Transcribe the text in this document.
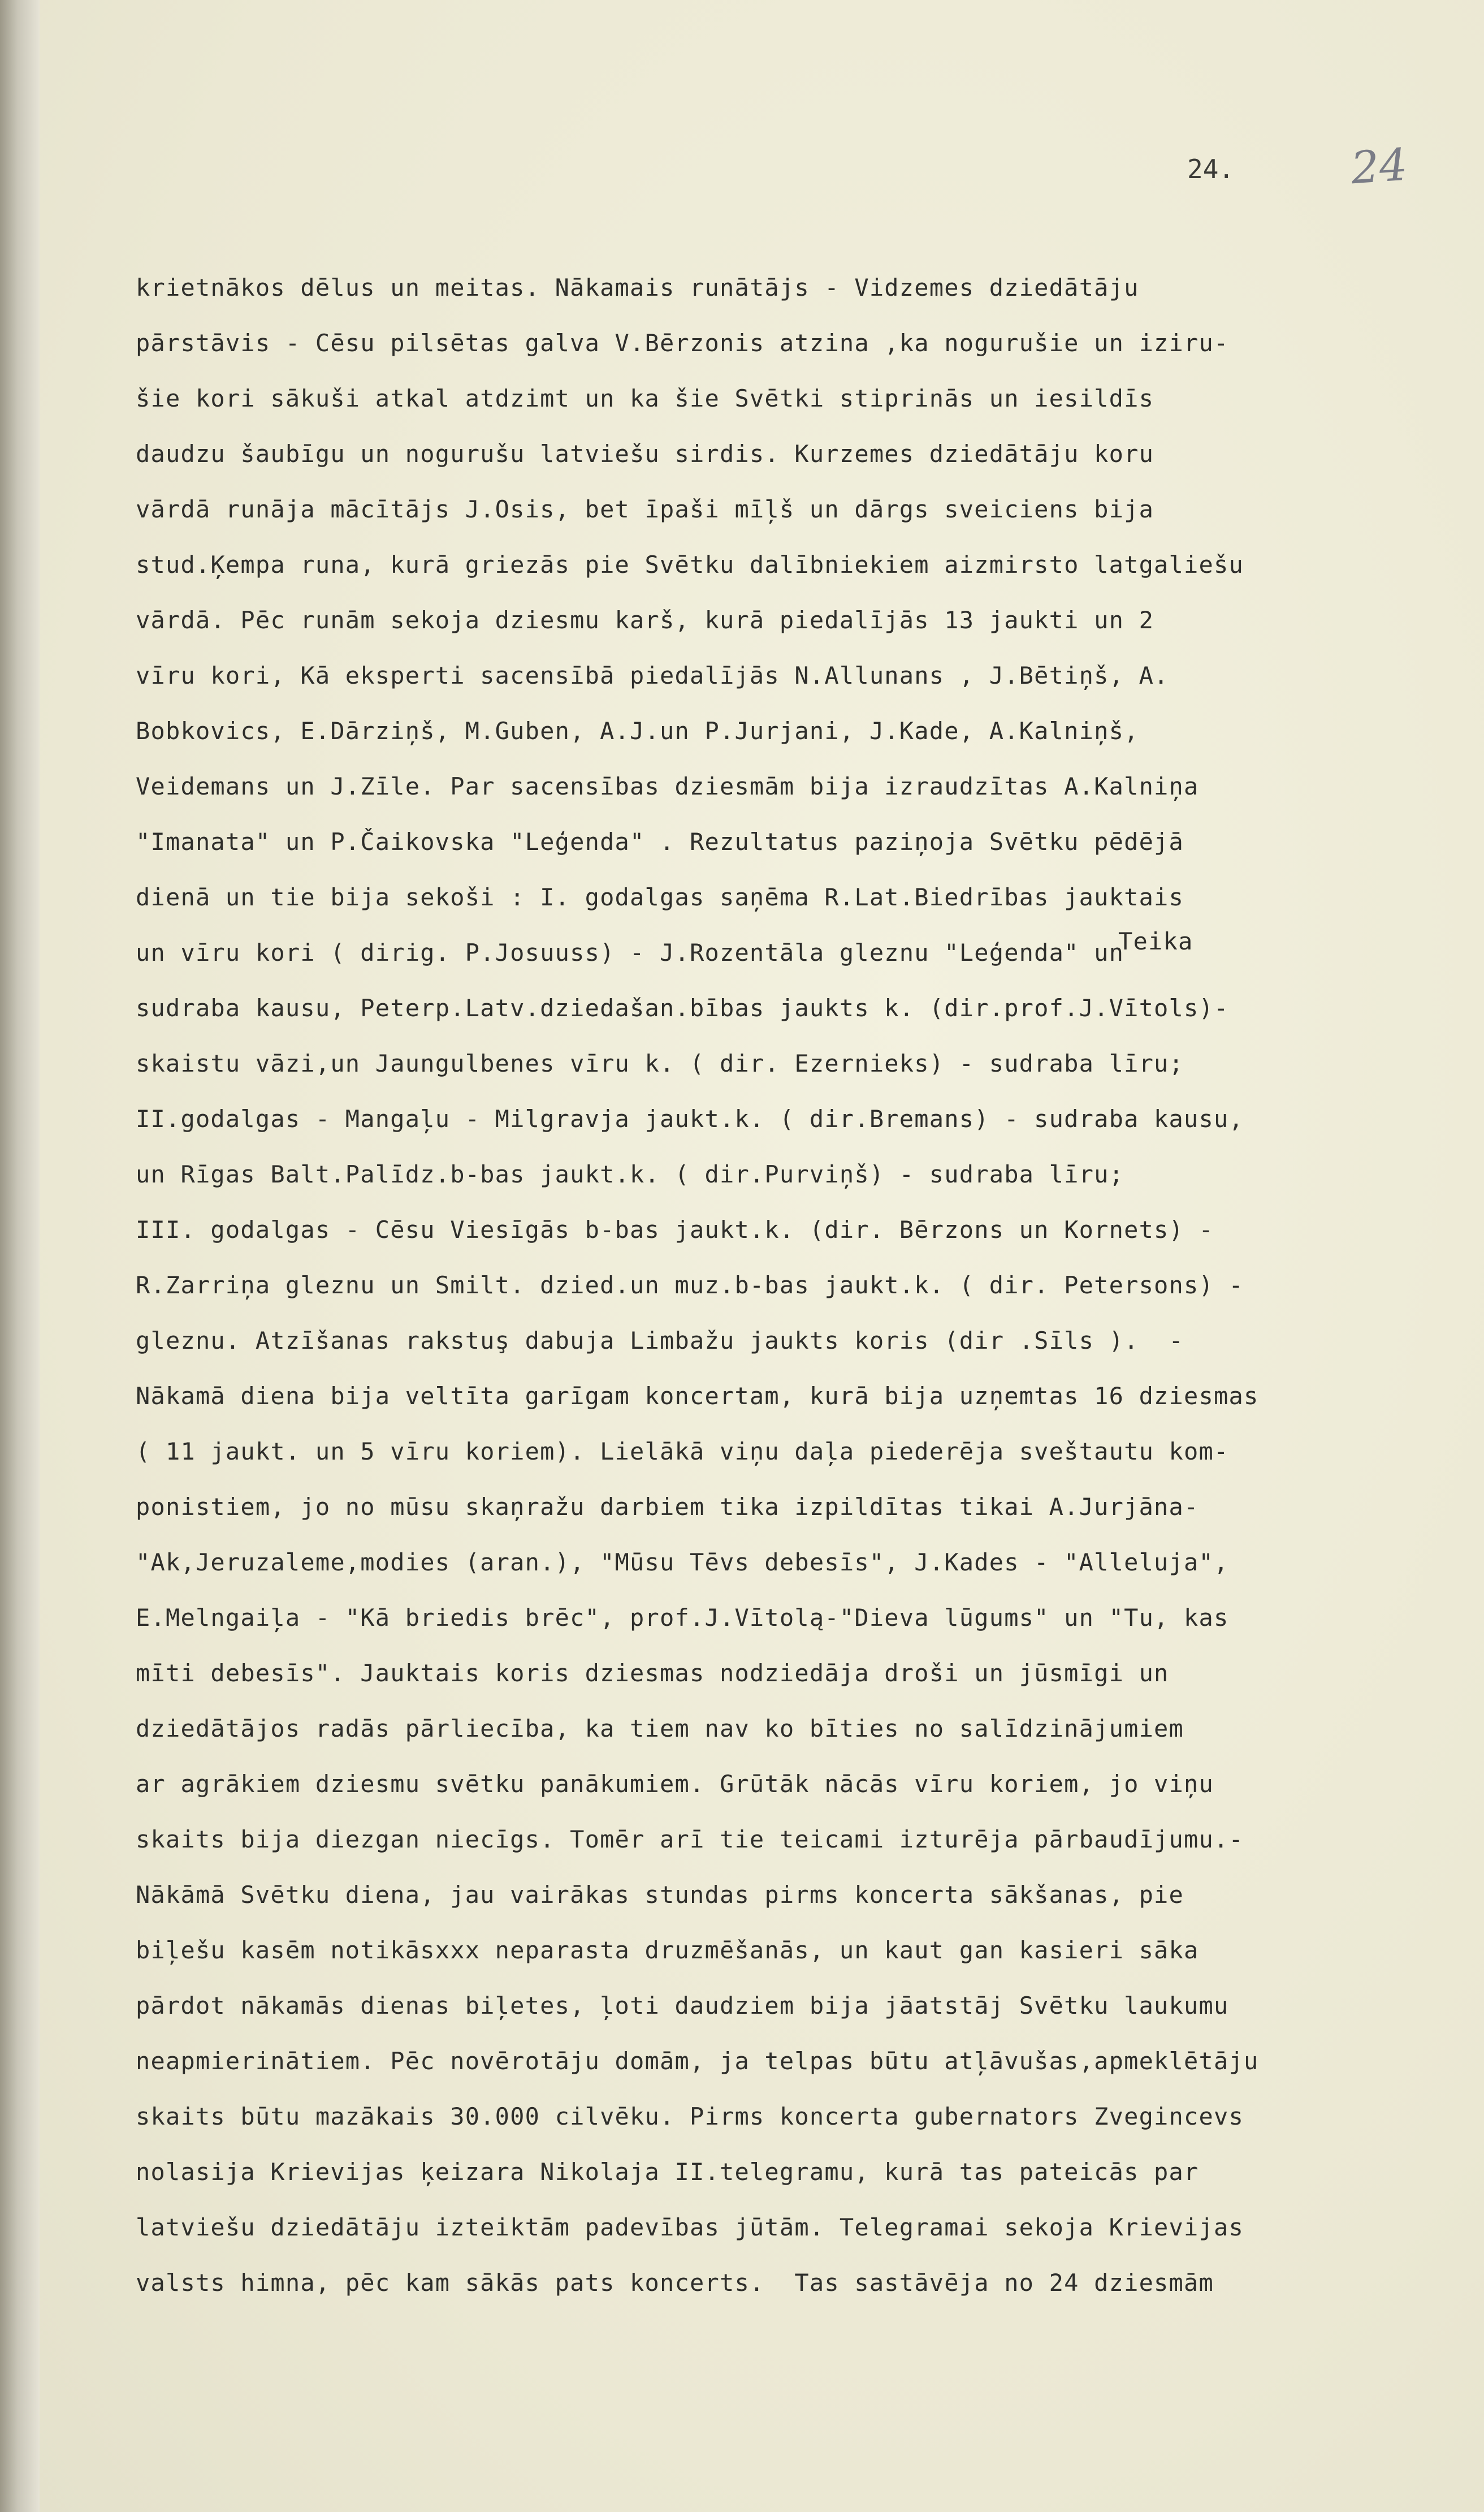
24.	24
Teika
krietnākos dēlus un meitas. Nākamais runātājs - Vidzemes dziedātāju
pārstāvis - Cēsu pilsētas galva V.Bērzonis atzina ,ka nogurušie un iziru-
šie kori sākuši atkal atdzimt un ka šie Svētki stiprinās un iesildīs
daudzu šaubīgu un nogurušu latviešu sirdis. Kurzemes dziedātāju koru
vārdā runāja mācītājs J.Osis, bet īpaši mīļš un dārgs sveiciens bija
stud.Ķempa runa, kurā griezās pie Svētku dalībniekiem aizmirsto latgaliešu
vārdā. Pēc runām sekoja dziesmu karš, kurā piedalījās 13 jaukti un 2
vīru kori, Kā eksperti sacensībā piedalījās N.Allunans , J.Bētiņš, A.
Bobkovics, E.Dārziņš, M.Guben, A.J.un P.Jurjani, J.Kade, A.Kalniņš,
Veidemans un J.Zīle. Par sacensības dziesmām bija izraudzītas A.Kalniņa
"Imanata" un P.Čaikovska "Leģenda" . Rezultatus paziņoja Svētku pēdējā
dienā un tie bija sekoši : I. godalgas saņēma R.Lat.Biedrības jauktais
un vīru kori ( dirig. P.Josuuss) - J.Rozentāla gleznu "Leģenda" un
sudraba kausu, Peterp.Latv.dziedašan.bības jaukts k. (dir.prof.J.Vītols)-
skaistu vāzi,un Jaungulbenes vīru k. ( dir. Ezernieks) - sudraba līru;
II.godalgas - Mangaļu - Milgravja jaukt.k. ( dir.Bremans) - sudraba kausu,
un Rīgas Balt.Palīdz.b-bas jaukt.k. ( dir.Purviņš) - sudraba līru;
III. godalgas - Cēsu Viesīgās b-bas jaukt.k. (dir. Bērzons un Kornets) -
R.Zarriņa gleznu un Smilt. dzied.un muz.b-bas jaukt.k. ( dir. Petersons) -
gleznu. Atzīšanas rakstuş dabuja Limbažu jaukts koris (dir .Sīls ).  -
Nākamā diena bija veltīta garīgam koncertam, kurā bija uzņemtas 16 dziesmas
( 11 jaukt. un 5 vīru koriem). Lielākā viņu daļa piederēja sveštautu kom-
ponistiem, jo no mūsu skaņražu darbiem tika izpildītas tikai A.Jurjāna-
"Ak,Jeruzaleme,modies (aran.), "Mūsu Tēvs debesīs", J.Kades - "Alleluja",
E.Melngaiļa - "Kā briedis brēc", prof.J.Vītolą-"Dieva lūgums" un "Tu, kas
mīti debesīs". Jauktais koris dziesmas nodziedāja droši un jūsmīgi un
dziedātājos radās pārliecība, ka tiem nav ko bīties no salīdzinājumiem
ar agrākiem dziesmu svētku panākumiem. Grūtāk nācās vīru koriem, jo viņu
skaits bija diezgan niecīgs. Tomēr arī tie teicami izturēja pārbaudījumu.-
Nākāmā Svētku diena, jau vairākas stundas pirms koncerta sākšanas, pie
biļešu kasēm notikāsxxx neparasta druzmēšanās, un kaut gan kasieri sāka
pārdot nākamās dienas biļetes, ļoti daudziem bija jāatstāj Svētku laukumu
neapmierinātiem. Pēc novērotāju domām, ja telpas būtu atļāvušas,apmeklētāju
skaits būtu mazākais 30.000 cilvēku. Pirms koncerta gubernators Zvegincevs
nolasija Krievijas ķeizara Nikolaja II.telegramu, kurā tas pateicās par
latviešu dziedātāju izteiktām padevības jūtām. Telegramai sekoja Krievijas
valsts himna, pēc kam sākās pats koncerts.  Tas sastāvēja no 24 dziesmām
